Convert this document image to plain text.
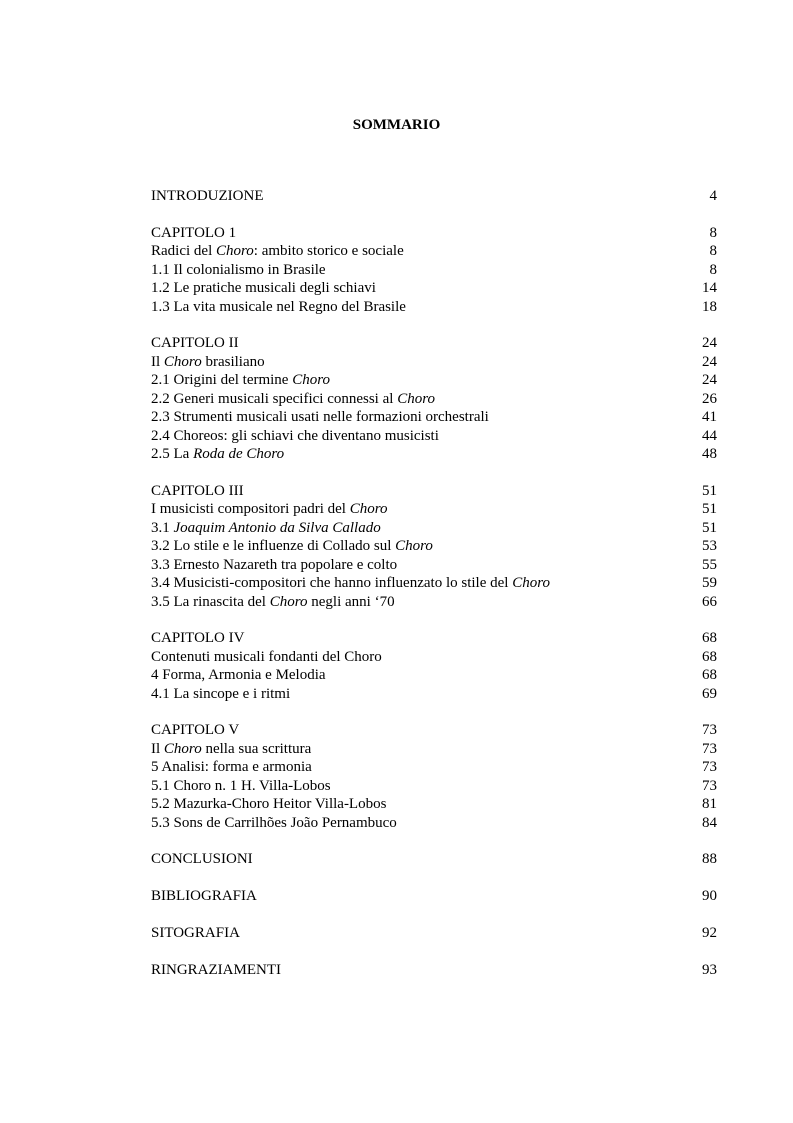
SOMMARIO
INTRODUZIONE	4
CAPITOLO 1	8
Radici del Choro: ambito storico e sociale	8
1.1 Il colonialismo in Brasile	8
1.2 Le pratiche musicali degli schiavi	14
1.3 La vita musicale nel Regno del Brasile	18
CAPITOLO II	24
Il Choro brasiliano	24
2.1 Origini del termine Choro	24
2.2 Generi musicali specifici connessi al Choro	26
2.3 Strumenti musicali usati nelle formazioni orchestrali	41
2.4 Choreos: gli schiavi che diventano musicisti	44
2.5 La Roda de Choro	48
CAPITOLO III	51
I musicisti compositori padri del Choro	51
3.1 Joaquim Antonio da Silva Callado	51
3.2 Lo stile e le influenze di Collado sul Choro	53
3.3 Ernesto Nazareth tra popolare e colto	55
3.4 Musicisti-compositori che hanno influenzato lo stile del Choro	59
3.5 La rinascita del Choro negli anni ‘70	66
CAPITOLO IV	68
Contenuti musicali fondanti del Choro	68
4 Forma, Armonia e Melodia	68
4.1 La sincope e i ritmi	69
CAPITOLO V	73
Il Choro nella sua scrittura	73
5 Analisi: forma e armonia	73
5.1 Choro n. 1 H. Villa-Lobos	73
5.2 Mazurka-Choro Heitor Villa-Lobos	81
5.3 Sons de Carrilhões João Pernambuco	84
CONCLUSIONI	88
BIBLIOGRAFIA	90
SITOGRAFIA	92
RINGRAZIAMENTI	93
